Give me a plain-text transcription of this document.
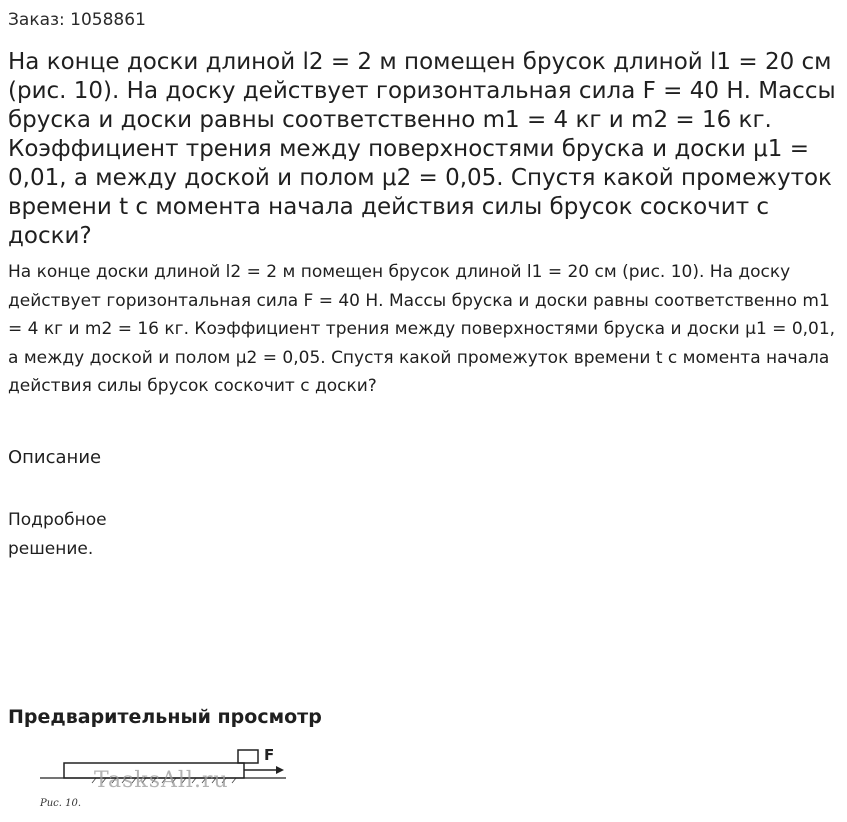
Заказ: 1058861
На конце доски длиной l2 = 2 м помещен брусок длиной l1 = 20 см (рис. 10). На доску действует горизонтальная сила F = 40 Н. Массы бруска и доски равны соответственно m1 = 4 кг и m2 = 16 кг. Коэффициент трения между поверхностями бруска и доски μ1 = 0,01, а между доской и полом μ2 = 0,05. Спустя какой промежуток времени t с момента начала действия силы брусок соскочит с доски?

На конце доски длиной l2 = 2 м помещен брусок длиной l1 = 20 см (рис. 10). На доску действует горизонтальная сила F = 40 Н. Массы бруска и доски равны соответственно m1 = 4 кг и m2 = 16 кг. Коэффициент трения между поверхностями бруска и доски μ1 = 0,01, а между доской и полом μ2 = 0,05. Спустя какой промежуток времени t с момента начала действия силы брусок соскочит с доски?

Описание
Подробное решение.
Предварительный просмотр
F
TasksAll.ru
Рис. 10.
